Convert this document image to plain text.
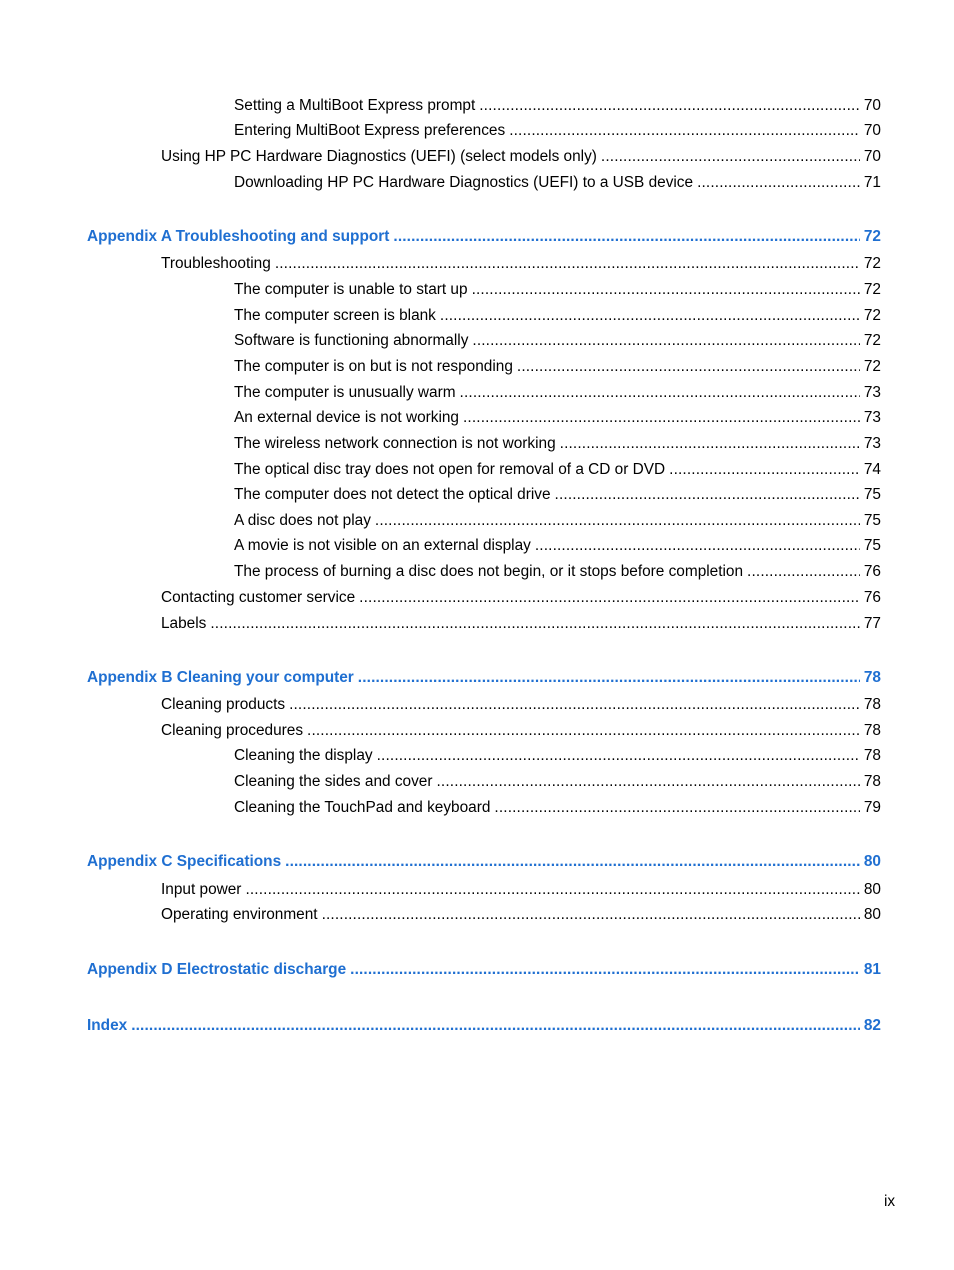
Setting a MultiBoot Express prompt .....	70
Entering MultiBoot Express preferences .....	70
Using HP PC Hardware Diagnostics (UEFI) (select models only) .....	70
Downloading HP PC Hardware Diagnostics (UEFI) to a USB device .....	71
Appendix A Troubleshooting and support .....	72
Troubleshooting .....	72
The computer is unable to start up .....	72
The computer screen is blank .....	72
Software is functioning abnormally .....	72
The computer is on but is not responding .....	72
The computer is unusually warm .....	73
An external device is not working .....	73
The wireless network connection is not working .....	73
The optical disc tray does not open for removal of a CD or DVD .....	74
The computer does not detect the optical drive .....	75
A disc does not play .....	75
A movie is not visible on an external display .....	75
The process of burning a disc does not begin, or it stops before completion .....	76
Contacting customer service .....	76
Labels .....	77
Appendix B Cleaning your computer .....	78
Cleaning products .....	78
Cleaning procedures .....	78
Cleaning the display .....	78
Cleaning the sides and cover .....	78
Cleaning the TouchPad and keyboard .....	79
Appendix C Specifications .....	80
Input power .....	80
Operating environment .....	80
Appendix D Electrostatic discharge .....	81
Index .....	82
ix
